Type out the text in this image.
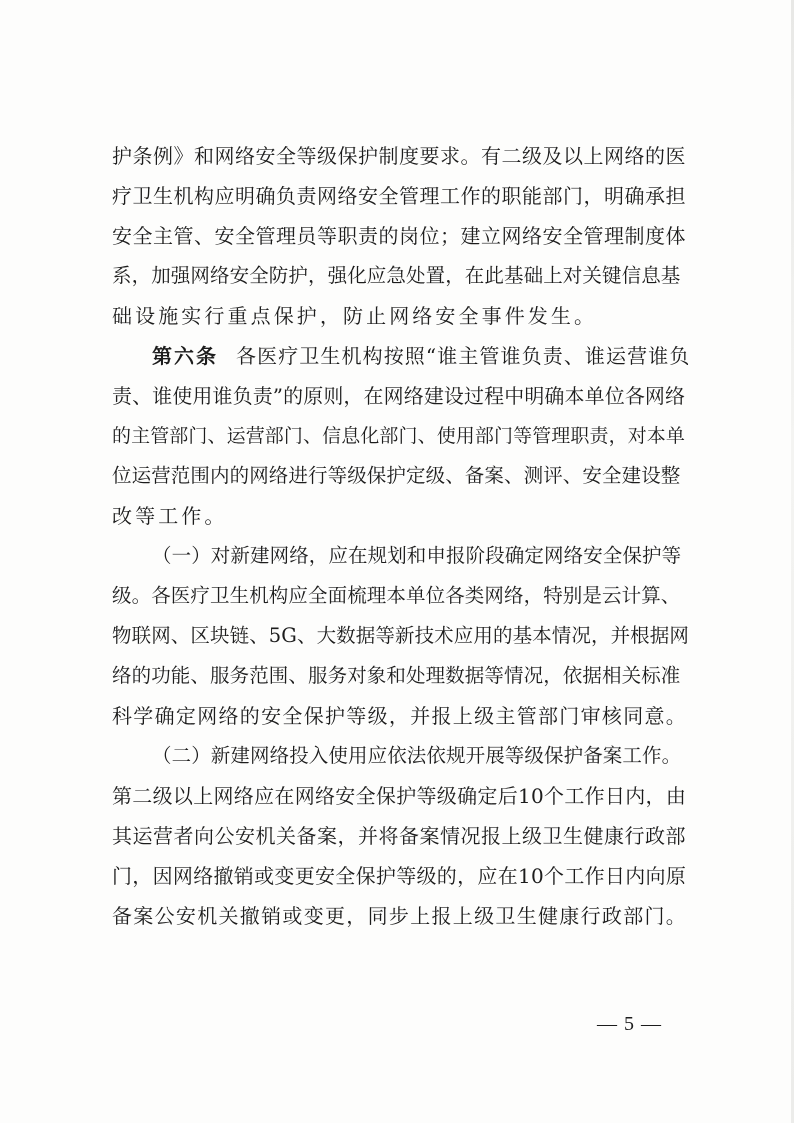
护条例》和网络安全等级保护制度要求。有二级及以上网络的医

疗卫生机构应明确负责网络安全管理工作的职能部门，明确承担

安全主管、安全管理员等职责的岗位；建立网络安全管理制度体

系，加强网络安全防护，强化应急处置，在此基础上对关键信息基

础设施实行重点保护，防止网络安全事件发生。

第六条 各医疗卫生机构按照“谁主管谁负责、谁运营谁负

责、谁使用谁负责”的原则，在网络建设过程中明确本单位各网络

的主管部门、运营部门、信息化部门、使用部门等管理职责，对本单

位运营范围内的网络进行等级保护定级、备案、测评、安全建设整

改等工作。

（一）对新建网络，应在规划和申报阶段确定网络安全保护等

级。各医疗卫生机构应全面梳理本单位各类网络，特别是云计算、

物联网、区块链、5G、大数据等新技术应用的基本情况，并根据网

络的功能、服务范围、服务对象和处理数据等情况，依据相关标准

科学确定网络的安全保护等级，并报上级主管部门审核同意。

（二）新建网络投入使用应依法依规开展等级保护备案工作。

第二级以上网络应在网络安全保护等级确定后10个工作日内，由

其运营者向公安机关备案，并将备案情况报上级卫生健康行政部

门，因网络撤销或变更安全保护等级的，应在10个工作日内向原

备案公安机关撤销或变更，同步上报上级卫生健康行政部门。

— 5 —
